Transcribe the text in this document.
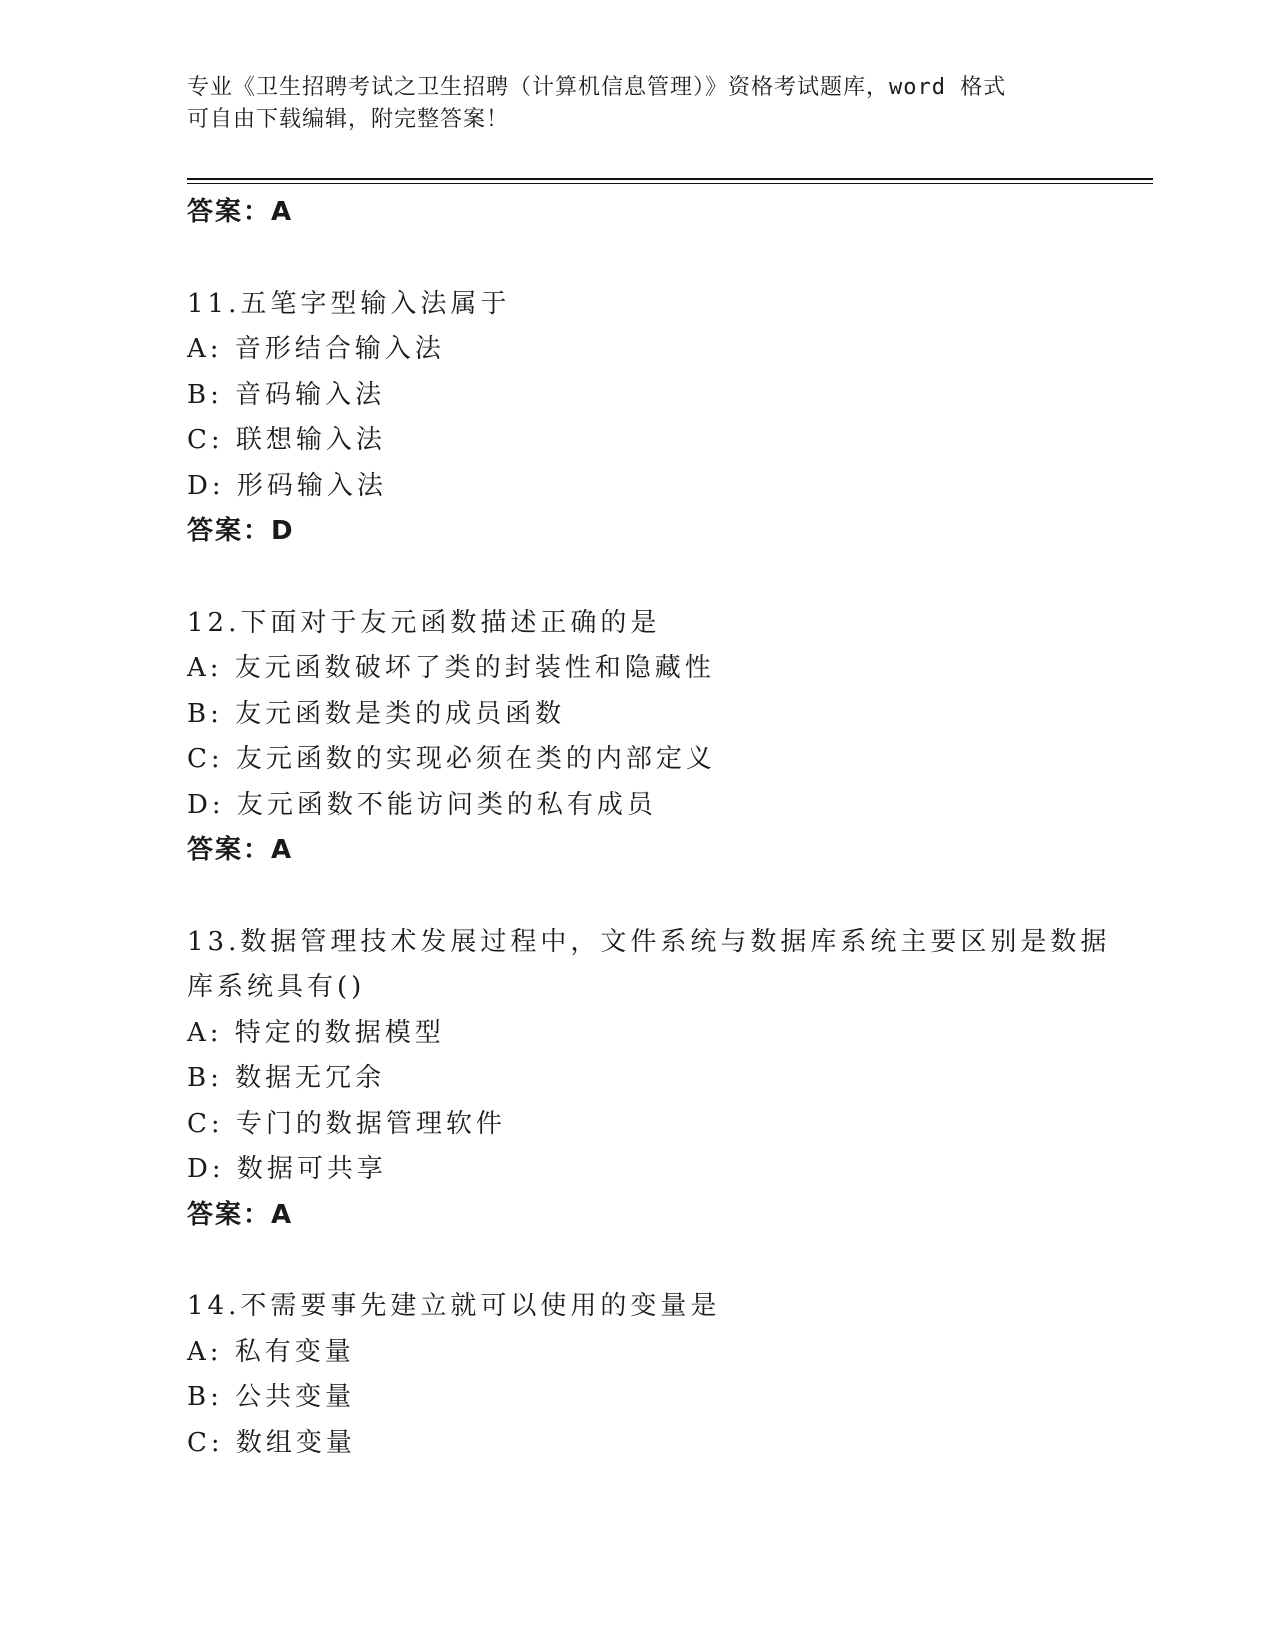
专业《卫生招聘考试之卫生招聘（计算机信息管理）》资格考试题库，word 格式
可自由下载编辑，附完整答案！
答案：A
11.五笔字型输入法属于
A: 音形结合输入法
B: 音码输入法
C: 联想输入法
D: 形码输入法
答案：D
12.下面对于友元函数描述正确的是
A: 友元函数破坏了类的封装性和隐藏性
B: 友元函数是类的成员函数
C: 友元函数的实现必须在类的内部定义
D: 友元函数不能访问类的私有成员
答案：A
13.数据管理技术发展过程中，文件系统与数据库系统主要区别是数据
库系统具有()
A: 特定的数据模型
B: 数据无冗余
C: 专门的数据管理软件
D: 数据可共享
答案：A
14.不需要事先建立就可以使用的变量是
A: 私有变量
B: 公共变量
C: 数组变量
